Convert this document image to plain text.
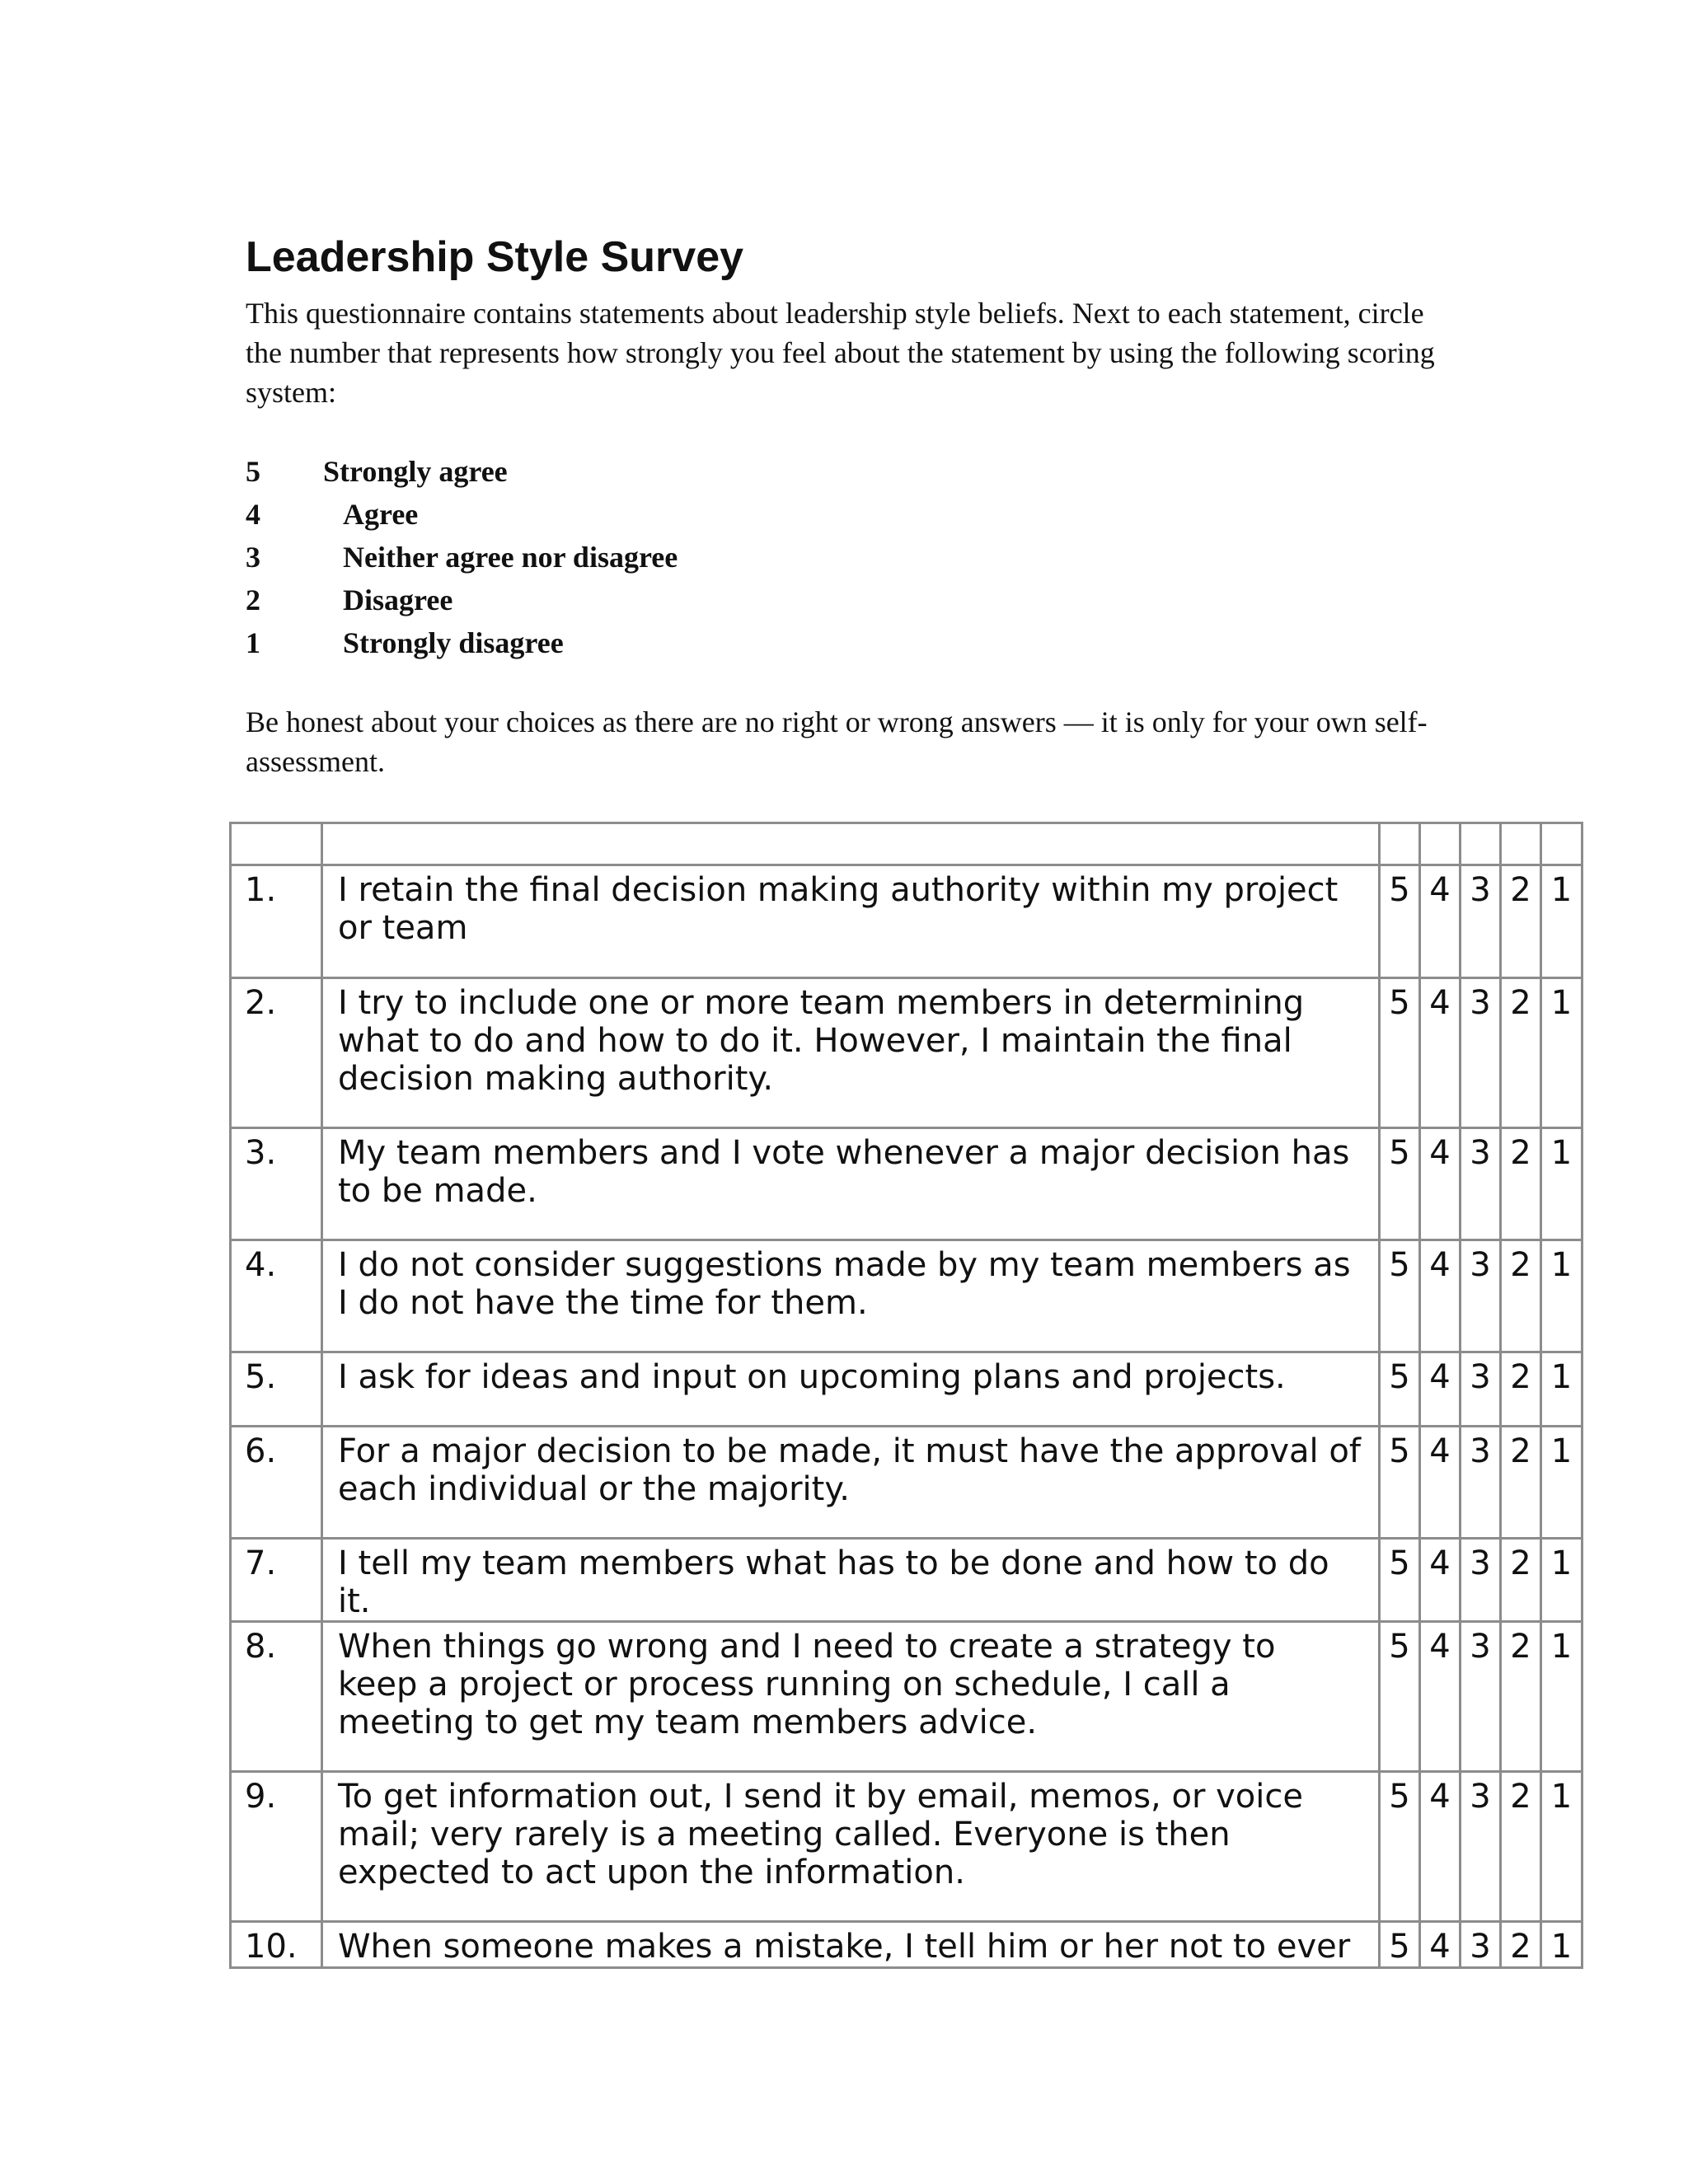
Leadership Style Survey

This questionnaire contains statements about leadership style beliefs. Next to each statement, circle the number that represents how strongly you feel about the statement by using the following scoring system:

5 Strongly agree
4	Agree
3	Neither agree nor disagree
2	Disagree
1	Strongly disagree

Be honest about your choices as there are no right or wrong answers — it is only for your own self-assessment.

1.	I retain the final decision making authority within my project or team	5	4	3	2	1
2.	I try to include one or more team members in determining what to do and how to do it. However, I maintain the final decision making authority.	5	4	3	2	1
3.	My team members and I vote whenever a major decision has to be made.	5	4	3	2	1
4.	I do not consider suggestions made by my team members as I do not have the time for them.	5	4	3	2	1
5.	I ask for ideas and input on upcoming plans and projects.	5	4	3	2	1
6.	For a major decision to be made, it must have the approval of each individual or the majority.	5	4	3	2	1
7.	I tell my team members what has to be done and how to do it.	5	4	3	2	1
8.	When things go wrong and I need to create a strategy to keep a project or process running on schedule, I call a meeting to get my team members advice.	5	4	3	2	1
9.	To get information out, I send it by email, memos, or voice mail; very rarely is a meeting called. Everyone is then expected to act upon the information.	5	4	3	2	1
10.	When someone makes a mistake, I tell him or her not to ever	5	4	3	2	1
